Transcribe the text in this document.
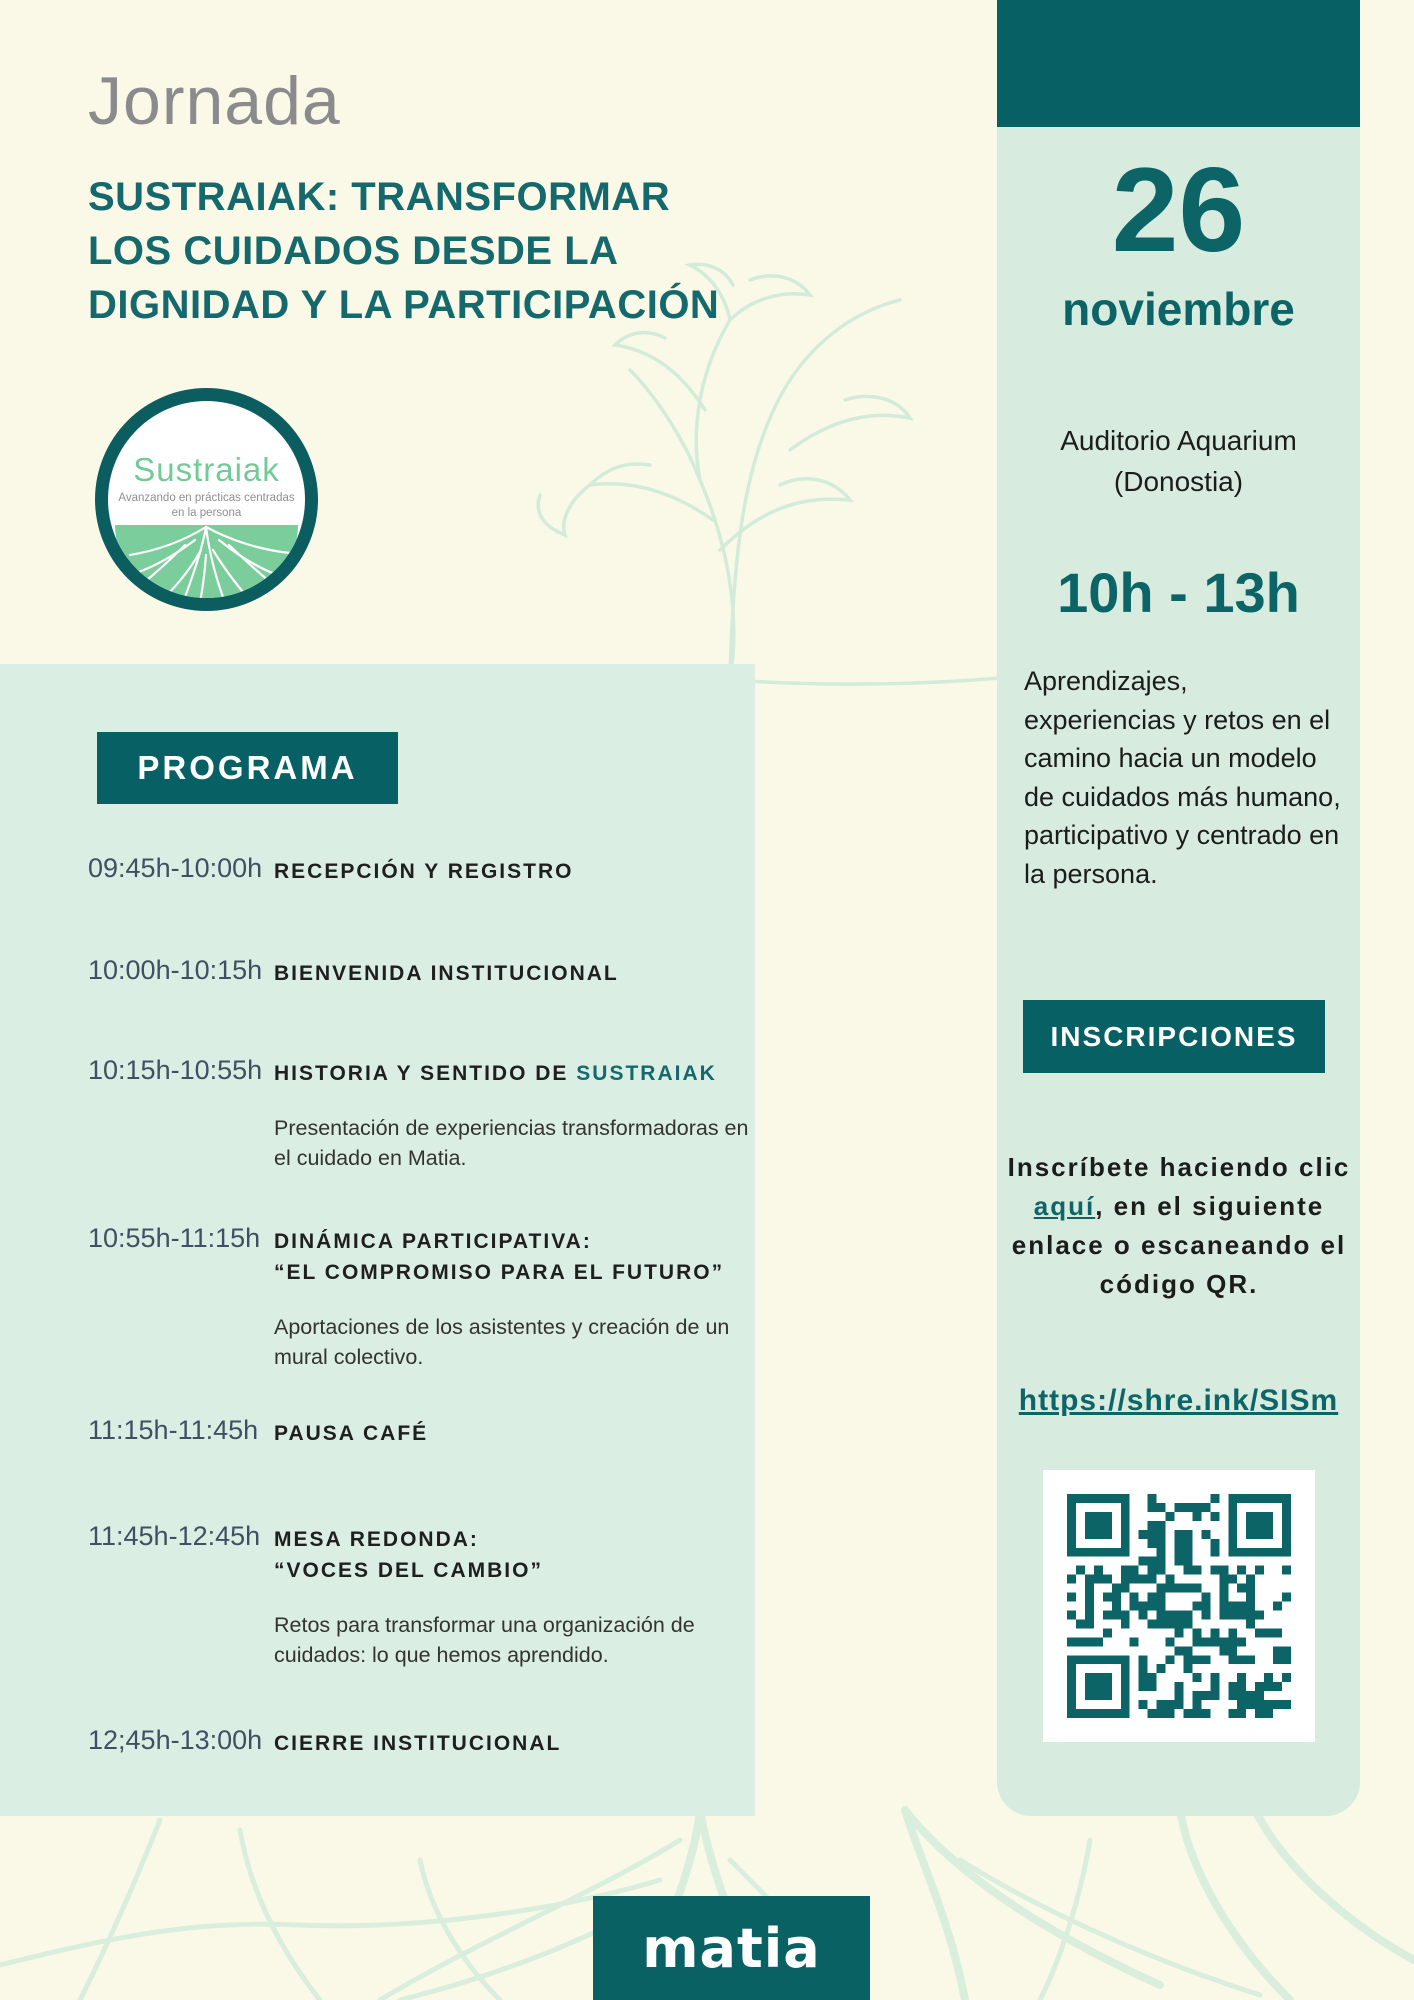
Jornada
SUSTRAIAK: TRANSFORMAR
LOS CUIDADOS DESDE LA
DIGNIDAD Y LA PARTICIPACIÓN
Sustraiak
Avanzando en prácticas centradas en la persona
PROGRAMA
09:45h-10:00h RECEPCIÓN Y REGISTRO
10:00h-10:15h BIENVENIDA INSTITUCIONAL
10:15h-10:55h HISTORIA Y SENTIDO DE SUSTRAIAK
Presentación de experiencias transformadoras en el cuidado en Matia.
10:55h-11:15h DINÁMICA PARTICIPATIVA:
“EL COMPROMISO PARA EL FUTURO”
Aportaciones de los asistentes y creación de un mural colectivo.
11:15h-11:45h PAUSA CAFÉ
11:45h-12:45h MESA REDONDA:
“VOCES DEL CAMBIO”
Retos para transformar una organización de cuidados: lo que hemos aprendido.
12;45h-13:00h CIERRE INSTITUCIONAL
26
noviembre
Auditorio Aquarium
(Donostia)
10h - 13h
Aprendizajes, experiencias y retos en el camino hacia un modelo de cuidados más humano, participativo y centrado en la persona.
INSCRIPCIONES
Inscríbete haciendo clic aquí, en el siguiente enlace o escaneando el código QR.
https://shre.ink/SISm
matia
